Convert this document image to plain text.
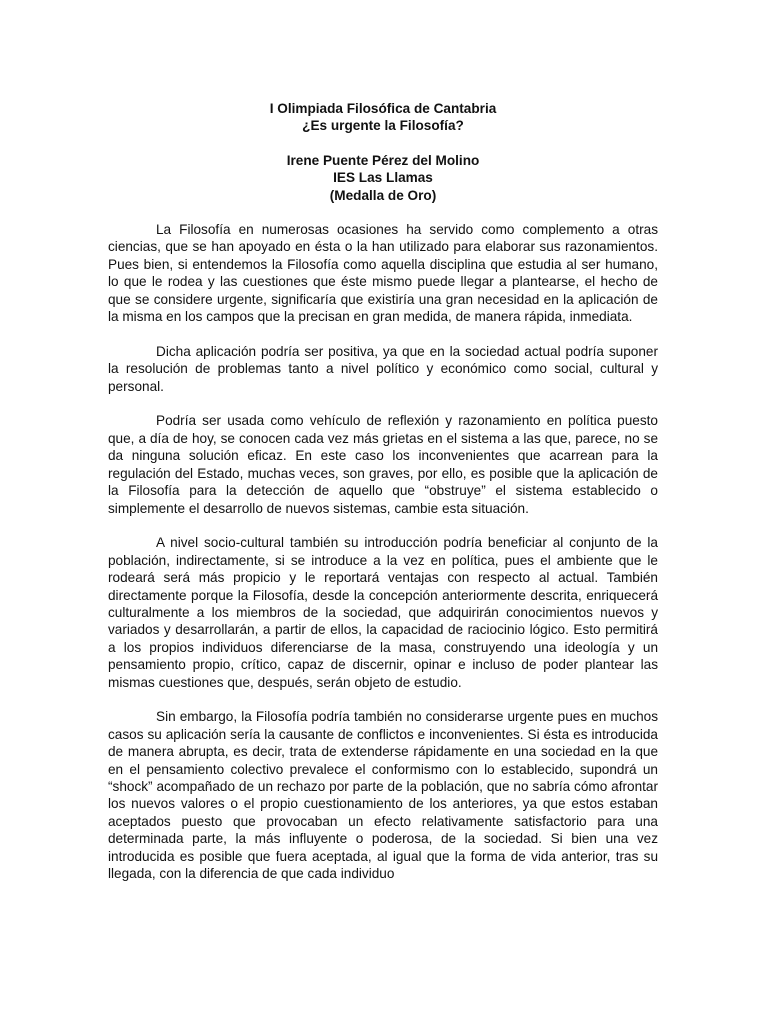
I Olimpiada Filosófica de Cantabria
¿Es urgente la Filosofía?
Irene Puente Pérez del Molino
IES Las Llamas
(Medalla de Oro)

La Filosofía en numerosas ocasiones ha servido como complemento a otras ciencias, que se han apoyado en ésta o la han utilizado para elaborar sus razonamientos. Pues bien, si entendemos la Filosofía como aquella disciplina que estudia al ser humano, lo que le rodea y las cuestiones que éste mismo puede llegar a plantearse, el hecho de que se considere urgente, significaría que existiría una gran necesidad en la aplicación de la misma en los campos que la precisan en gran medida, de manera rápida, inmediata.

Dicha aplicación podría ser positiva, ya que en la sociedad actual podría suponer la resolución de problemas tanto a nivel político y económico como social, cultural y personal.

Podría ser usada como vehículo de reflexión y razonamiento en política puesto que, a día de hoy, se conocen cada vez más grietas en el sistema a las que, parece, no se da ninguna solución eficaz. En este caso los inconvenientes que acarrean para la regulación del Estado, muchas veces, son graves, por ello, es posible que la aplicación de la Filosofía para la detección de aquello que “obstruye” el sistema establecido o simplemente el desarrollo de nuevos sistemas, cambie esta situación.

A nivel socio-cultural también su introducción podría beneficiar al conjunto de la población, indirectamente, si se introduce a la vez en política, pues el ambiente que le rodeará será más propicio y le reportará ventajas con respecto al actual. También directamente porque la Filosofía, desde la concepción anteriormente descrita, enriquecerá culturalmente a los miembros de la sociedad, que adquirirán conocimientos nuevos y variados y desarrollarán, a partir de ellos, la capacidad de raciocinio lógico. Esto permitirá a los propios individuos diferenciarse de la masa, construyendo una ideología y un pensamiento propio, crítico, capaz de discernir, opinar e incluso de poder plantear las mismas cuestiones que, después, serán objeto de estudio.

Sin embargo, la Filosofía podría también no considerarse urgente pues en muchos casos su aplicación sería la causante de conflictos e inconvenientes. Si ésta es introducida de manera abrupta, es decir, trata de extenderse rápidamente en una sociedad en la que en el pensamiento colectivo prevalece el conformismo con lo establecido, supondrá un “shock” acompañado de un rechazo por parte de la población, que no sabría cómo afrontar los nuevos valores o el propio cuestionamiento de los anteriores, ya que estos estaban aceptados puesto que provocaban un efecto relativamente satisfactorio para una determinada parte, la más influyente o poderosa, de la sociedad. Si bien una vez introducida es posible que fuera aceptada, al igual que la forma de vida anterior, tras su llegada, con la diferencia de que cada individuo
